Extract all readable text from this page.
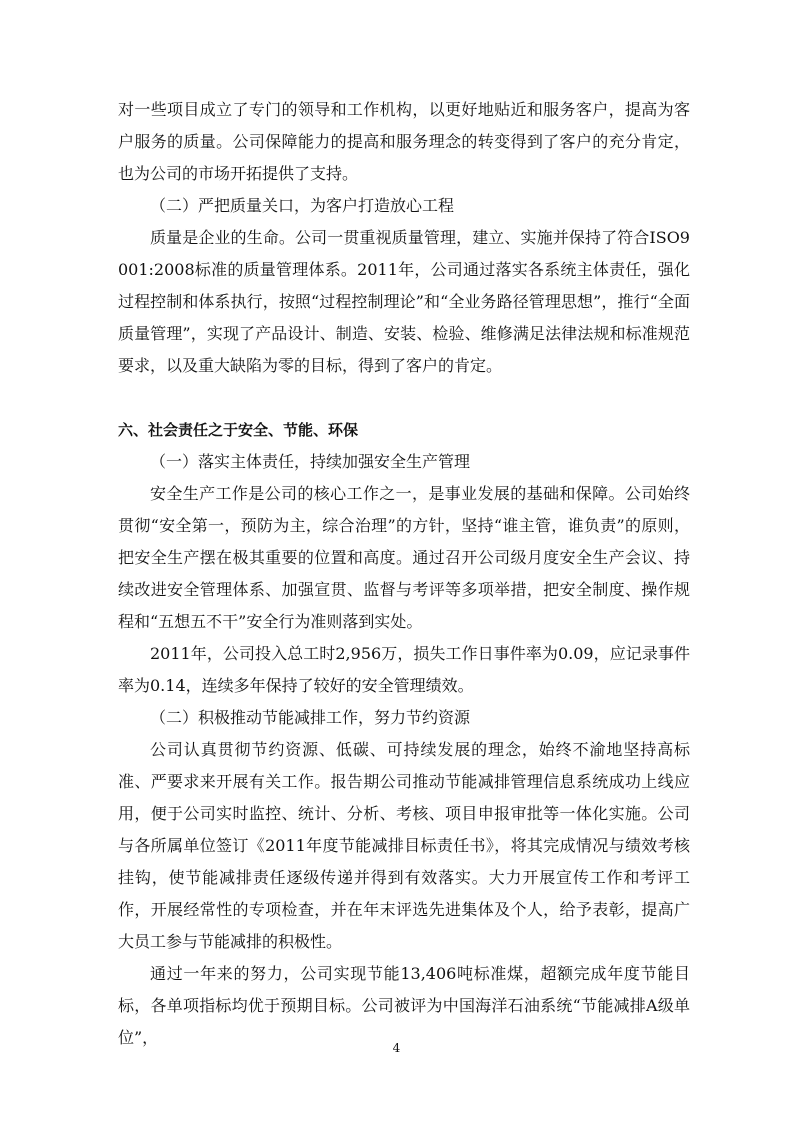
对一些项目成立了专门的领导和工作机构，以更好地贴近和服务客户，提高为客户服务的质量。公司保障能力的提高和服务理念的转变得到了客户的充分肯定，也为公司的市场开拓提供了支持。

（二）严把质量关口，为客户打造放心工程

质量是企业的生命。公司一贯重视质量管理，建立、实施并保持了符合ISO9001:2008标准的质量管理体系。2011年，公司通过落实各系统主体责任，强化过程控制和体系执行，按照“过程控制理论”和“全业务路径管理思想”，推行“全面质量管理”，实现了产品设计、制造、安装、检验、维修满足法律法规和标准规范要求，以及重大缺陷为零的目标，得到了客户的肯定。

六、社会责任之于安全、节能、环保

（一）落实主体责任，持续加强安全生产管理

安全生产工作是公司的核心工作之一，是事业发展的基础和保障。公司始终贯彻“安全第一，预防为主，综合治理”的方针，坚持“谁主管，谁负责”的原则，把安全生产摆在极其重要的位置和高度。通过召开公司级月度安全生产会议、持续改进安全管理体系、加强宣贯、监督与考评等多项举措，把安全制度、操作规程和“五想五不干”安全行为准则落到实处。

2011年，公司投入总工时2,956万，损失工作日事件率为0.09，应记录事件率为0.14，连续多年保持了较好的安全管理绩效。

（二）积极推动节能减排工作，努力节约资源

公司认真贯彻节约资源、低碳、可持续发展的理念，始终不渝地坚持高标准、严要求来开展有关工作。报告期公司推动节能减排管理信息系统成功上线应用，便于公司实时监控、统计、分析、考核、项目申报审批等一体化实施。公司与各所属单位签订《2011年度节能减排目标责任书》，将其完成情况与绩效考核挂钩，使节能减排责任逐级传递并得到有效落实。大力开展宣传工作和考评工作，开展经常性的专项检查，并在年末评选先进集体及个人，给予表彰，提高广大员工参与节能减排的积极性。

通过一年来的努力，公司实现节能13,406吨标准煤，超额完成年度节能目标，各单项指标均优于预期目标。公司被评为中国海洋石油系统“节能减排A级单位”，

4
